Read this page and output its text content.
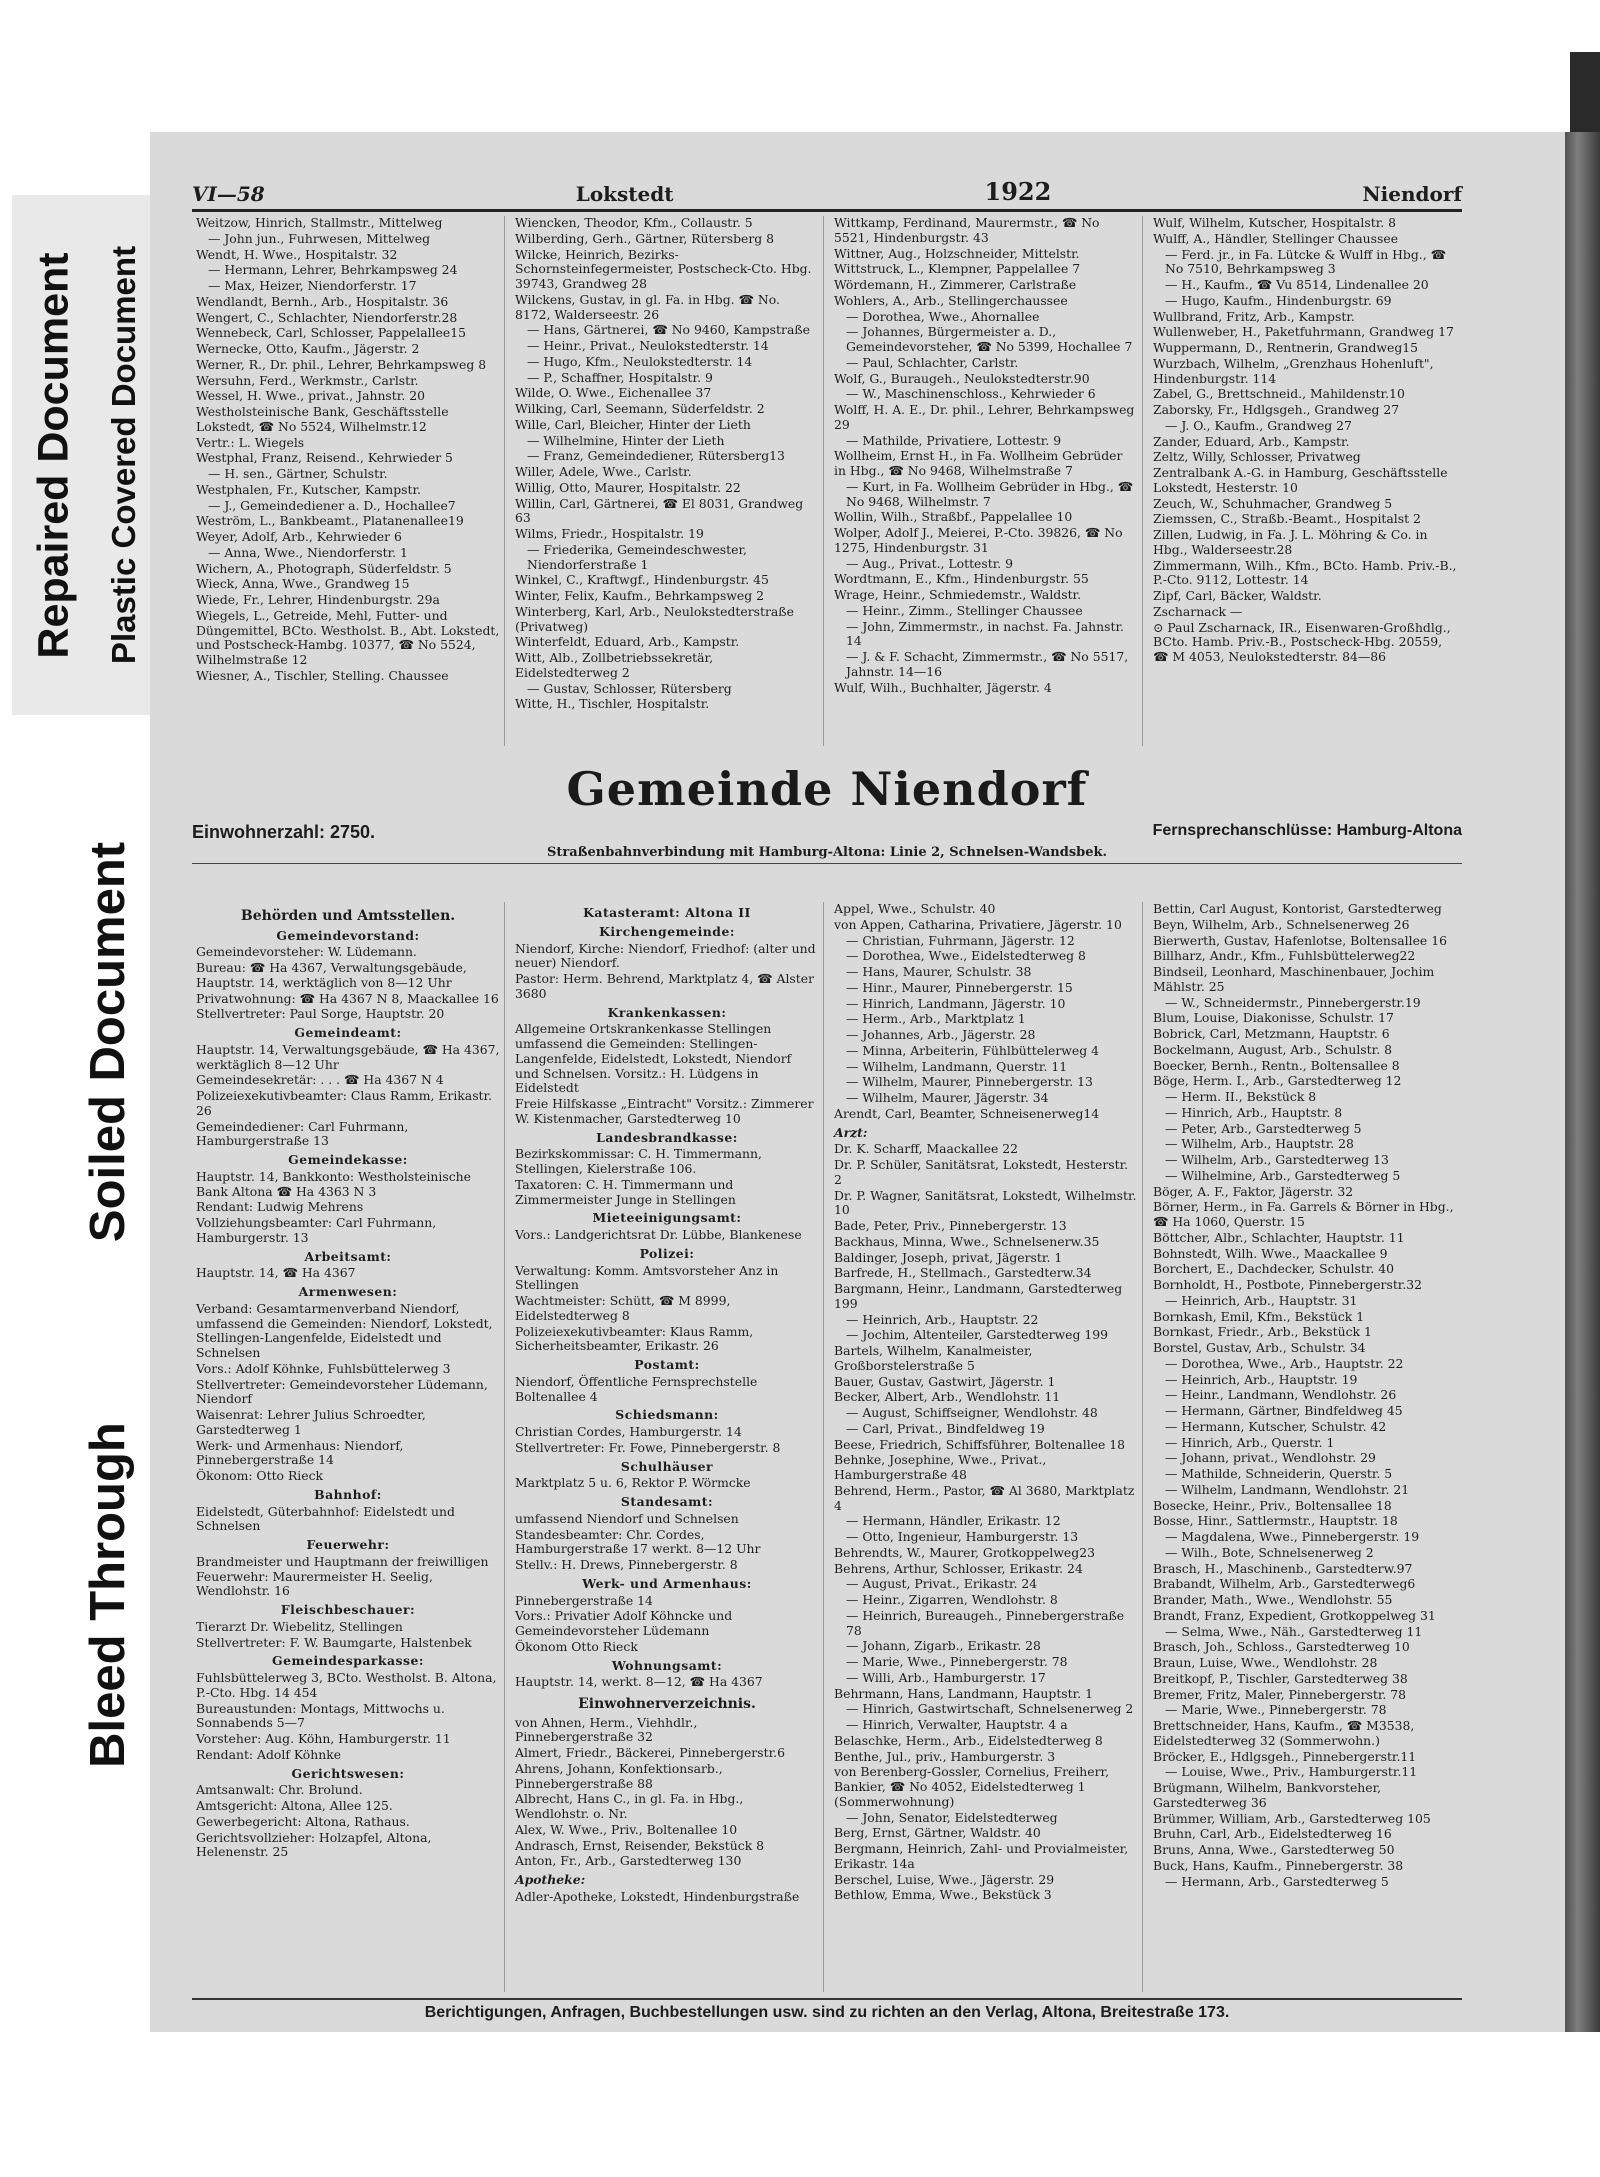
Repaired Document Plastic Covered Document
Soiled Document
Bleed Through
VI—58	Lokstedt	1922	Niendorf

Weitzow, Hinrich, Stallmstr., Mittelweg

— John jun., Fuhrwesen, Mittelweg

Wendt, H. Wwe., Hospitalstr. 32

— Hermann, Lehrer, Behrkampsweg 24

— Max, Heizer, Niendorferstr. 17

Wendlandt, Bernh., Arb., Hospitalstr. 36

Wengert, C., Schlachter, Niendorferstr.28

Wennebeck, Carl, Schlosser, Pappelallee15

Wernecke, Otto, Kaufm., Jägerstr. 2

Werner, R., Dr. phil., Lehrer, Behrkampsweg 8

Wersuhn, Ferd., Werkmstr., Carlstr.

Wessel, H. Wwe., privat., Jahnstr. 20

Westholsteinische Bank, Geschäftsstelle Lokstedt, ☎ No 5524, Wilhelmstr.12

Vertr.: L. Wiegels

Westphal, Franz, Reisend., Kehrwieder 5

— H. sen., Gärtner, Schulstr.

Westphalen, Fr., Kutscher, Kampstr.

— J., Gemeindediener a. D., Hochallee7

Weström, L., Bankbeamt., Platanenallee19

Weyer, Adolf, Arb., Kehrwieder 6

— Anna, Wwe., Niendorferstr. 1

Wichern, A., Photograph, Süderfeldstr. 5

Wieck, Anna, Wwe., Grandweg 15

Wiede, Fr., Lehrer, Hindenburgstr. 29a

Wiegels, L., Getreide, Mehl, Futter- und Düngemittel, BCto. Westholst. B., Abt. Lokstedt, und Postscheck-Hambg. 10377, ☎ No 5524, Wilhelmstraße 12

Wiesner, A., Tischler, Stelling. Chaussee

Wiencken, Theodor, Kfm., Collaustr. 5

Wilberding, Gerh., Gärtner, Rütersberg 8

Wilcke, Heinrich, Bezirks-Schornsteinfegermeister, Postscheck-Cto. Hbg. 39743, Grandweg 28

Wilckens, Gustav, in gl. Fa. in Hbg. ☎ No. 8172, Walderseestr. 26

— Hans, Gärtnerei, ☎ No 9460, Kampstraße

— Heinr., Privat., Neulokstedterstr. 14

— Hugo, Kfm., Neulokstedterstr. 14

— P., Schaffner, Hospitalstr. 9

Wilde, O. Wwe., Eichenallee 37

Wilking, Carl, Seemann, Süderfeldstr. 2

Wille, Carl, Bleicher, Hinter der Lieth

— Wilhelmine, Hinter der Lieth

— Franz, Gemeindediener, Rütersberg13

Willer, Adele, Wwe., Carlstr.

Willig, Otto, Maurer, Hospitalstr. 22

Willin, Carl, Gärtnerei, ☎ El 8031, Grandweg 63

Wilms, Friedr., Hospitalstr. 19

— Friederika, Gemeindeschwester, Niendorferstraße 1

Winkel, C., Kraftwgf., Hindenburgstr. 45

Winter, Felix, Kaufm., Behrkampsweg 2

Winterberg, Karl, Arb., Neulokstedterstraße (Privatweg)

Winterfeldt, Eduard, Arb., Kampstr.

Witt, Alb., Zollbetriebssekretär, Eidelstedterweg 2

— Gustav, Schlosser, Rütersberg

Witte, H., Tischler, Hospitalstr.

Wittkamp, Ferdinand, Maurermstr., ☎ No 5521, Hindenburgstr. 43

Wittner, Aug., Holzschneider, Mittelstr.

Wittstruck, L., Klempner, Pappelallee 7

Wördemann, H., Zimmerer, Carlstraße

Wohlers, A., Arb., Stellingerchaussee

— Dorothea, Wwe., Ahornallee

— Johannes, Bürgermeister a. D., Gemeindevorsteher, ☎ No 5399, Hochallee 7

— Paul, Schlachter, Carlstr.

Wolf, G., Buraugeh., Neulokstedterstr.90

— W., Maschinenschloss., Kehrwieder 6

Wolff, H. A. E., Dr. phil., Lehrer, Behrkampsweg 29

— Mathilde, Privatiere, Lottestr. 9

Wollheim, Ernst H., in Fa. Wollheim Gebrüder in Hbg., ☎ No 9468, Wilhelmstraße 7

— Kurt, in Fa. Wollheim Gebrüder in Hbg., ☎ No 9468, Wilhelmstr. 7

Wollin, Wilh., Straßbf., Pappelallee 10

Wolper, Adolf J., Meierei, P.-Cto. 39826, ☎ No 1275, Hindenburgstr. 31

— Aug., Privat., Lottestr. 9

Wordtmann, E., Kfm., Hindenburgstr. 55

Wrage, Heinr., Schmiedemstr., Waldstr.

— Heinr., Zimm., Stellinger Chaussee

— John, Zimmermstr., in nachst. Fa. Jahnstr. 14

— J. & F. Schacht, Zimmermstr., ☎ No 5517, Jahnstr. 14—16

Wulf, Wilh., Buchhalter, Jägerstr. 4

Wulf, Wilhelm, Kutscher, Hospitalstr. 8

Wulff, A., Händler, Stellinger Chaussee

— Ferd. jr., in Fa. Lütcke & Wulff in Hbg., ☎ No 7510, Behrkampsweg 3

— H., Kaufm., ☎ Vu 8514, Lindenallee 20

— Hugo, Kaufm., Hindenburgstr. 69

Wullbrand, Fritz, Arb., Kampstr.

Wullenweber, H., Paketfuhrmann, Grandweg 17

Wuppermann, D., Rentnerin, Grandweg15

Wurzbach, Wilhelm, „Grenzhaus Hohenluft", Hindenburgstr. 114

Zabel, G., Brettschneid., Mahildenstr.10

Zaborsky, Fr., Hdlgsgeh., Grandweg 27

— J. O., Kaufm., Grandweg 27

Zander, Eduard, Arb., Kampstr.

Zeltz, Willy, Schlosser, Privatweg

Zentralbank A.-G. in Hamburg, Geschäftsstelle Lokstedt, Hesterstr. 10

Zeuch, W., Schuhmacher, Grandweg 5

Ziemssen, C., Straßb.-Beamt., Hospitalst 2

Zillen, Ludwig, in Fa. J. L. Möhring & Co. in Hbg., Walderseestr.28

Zimmermann, Wilh., Kfm., BCto. Hamb. Priv.-B., P.-Cto. 9112, Lottestr. 14

Zipf, Carl, Bäcker, Waldstr.

Zscharnack —

⊙ Paul Zscharnack, IR., Eisenwaren-Großhdlg., BCto. Hamb. Priv.-B., Postscheck-Hbg. 20559, ☎ M 4053, Neulokstedterstr. 84—86

Gemeinde Niendorf
Einwohnerzahl: 2750.	Fernsprechanschlüsse: Hamburg-Altona
Straßenbahnverbindung mit Hamburg-Altona: Linie 2, Schnelsen-Wandsbek.

Behörden und Amtsstellen.

Gemeindevorstand:

Gemeindevorsteher: W. Lüdemann.

Bureau: ☎ Ha 4367, Verwaltungsgebäude, Hauptstr. 14, werktäglich von 8—12 Uhr

Privatwohnung: ☎ Ha 4367 N 8, Maackallee 16

Stellvertreter: Paul Sorge, Hauptstr. 20

Gemeindeamt:

Hauptstr. 14, Verwaltungsgebäude, ☎ Ha 4367, werktäglich 8—12 Uhr

Gemeindesekretär: . . . ☎ Ha 4367 N 4

Polizeiexekutivbeamter: Claus Ramm, Erikastr. 26

Gemeindediener: Carl Fuhrmann, Hamburgerstraße 13

Gemeindekasse:

Hauptstr. 14, Bankkonto: Westholsteinische Bank Altona ☎ Ha 4363 N 3

Rendant: Ludwig Mehrens

Vollziehungsbeamter: Carl Fuhrmann, Hamburgerstr. 13

Arbeitsamt:

Hauptstr. 14, ☎ Ha 4367

Armenwesen:

Verband: Gesamtarmenverband Niendorf, umfassend die Gemeinden: Niendorf, Lokstedt, Stellingen-Langenfelde, Eidelstedt und Schnelsen

Vors.: Adolf Köhnke, Fuhlsbüttelerweg 3

Stellvertreter: Gemeindevorsteher Lüdemann, Niendorf

Waisenrat: Lehrer Julius Schroedter, Garstedterweg 1

Werk- und Armenhaus: Niendorf, Pinnebergerstraße 14

Ökonom: Otto Rieck

Bahnhof:

Eidelstedt, Güterbahnhof: Eidelstedt und Schnelsen

Feuerwehr:

Brandmeister und Hauptmann der freiwilligen Feuerwehr: Maurermeister H. Seelig, Wendlohstr. 16

Fleischbeschauer:

Tierarzt Dr. Wiebelitz, Stellingen

Stellvertreter: F. W. Baumgarte, Halstenbek

Gemeindesparkasse:

Fuhlsbüttelerweg 3, BCto. Westholst. B. Altona, P.-Cto. Hbg. 14 454

Bureaustunden: Montags, Mittwochs u. Sonnabends 5—7

Vorsteher: Aug. Köhn, Hamburgerstr. 11

Rendant: Adolf Köhnke

Gerichtswesen:

Amtsanwalt: Chr. Brolund.

Amtsgericht: Altona, Allee 125.

Gewerbegericht: Altona, Rathaus.

Gerichtsvollzieher: Holzapfel, Altona, Helenenstr. 25

Katasteramt: Altona II

Kirchengemeinde:

Niendorf, Kirche: Niendorf, Friedhof: (alter und neuer) Niendorf.

Pastor: Herm. Behrend, Marktplatz 4, ☎ Alster 3680

Krankenkassen:

Allgemeine Ortskrankenkasse Stellingen umfassend die Gemeinden: Stellingen-Langenfelde, Eidelstedt, Lokstedt, Niendorf und Schnelsen. Vorsitz.: H. Lüdgens in Eidelstedt

Freie Hilfskasse „Eintracht" Vorsitz.: Zimmerer W. Kistenmacher, Garstedterweg 10

Landesbrandkasse:

Bezirkskommissar: C. H. Timmermann, Stellingen, Kielerstraße 106.

Taxatoren: C. H. Timmermann und Zimmermeister Junge in Stellingen

Mieteeinigungsamt:

Vors.: Landgerichtsrat Dr. Lübbe, Blankenese

Polizei:

Verwaltung: Komm. Amtsvorsteher Anz in Stellingen

Wachtmeister: Schütt, ☎ M 8999, Eidelstedterweg 8

Polizeiexekutivbeamter: Klaus Ramm, Sicherheitsbeamter, Erikastr. 26

Postamt:

Niendorf, Öffentliche Fernsprechstelle Boltenallee 4

Schiedsmann:

Christian Cordes, Hamburgerstr. 14

Stellvertreter: Fr. Fowe, Pinnebergerstr. 8

Schulhäuser

Marktplatz 5 u. 6, Rektor P. Wörmcke

Standesamt:

umfassend Niendorf und Schnelsen

Standesbeamter: Chr. Cordes, Hamburgerstraße 17 werkt. 8—12 Uhr

Stellv.: H. Drews, Pinnebergerstr. 8

Werk- und Armenhaus:

Pinnebergerstraße 14

Vors.: Privatier Adolf Köhncke und Gemeindevorsteher Lüdemann

Ökonom Otto Rieck

Wohnungsamt:

Hauptstr. 14, werkt. 8—12, ☎ Ha 4367

Einwohnerverzeichnis.

von Ahnen, Herm., Viehhdlr., Pinnebergerstraße 32

Almert, Friedr., Bäckerei, Pinnebergerstr.6

Ahrens, Johann, Konfektionsarb., Pinnebergerstraße 88

Albrecht, Hans C., in gl. Fa. in Hbg., Wendlohstr. o. Nr.

Alex, W. Wwe., Priv., Boltenallee 10

Andrasch, Ernst, Reisender, Bekstück 8

Anton, Fr., Arb., Garstedterweg 130

Apotheke:

Adler-Apotheke, Lokstedt, Hindenburgstraße

Appel, Wwe., Schulstr. 40

von Appen, Catharina, Privatiere, Jägerstr. 10

— Christian, Fuhrmann, Jägerstr. 12

— Dorothea, Wwe., Eidelstedterweg 8

— Hans, Maurer, Schulstr. 38

— Hinr., Maurer, Pinnebergerstr. 15

— Hinrich, Landmann, Jägerstr. 10

— Herm., Arb., Marktplatz 1

— Johannes, Arb., Jägerstr. 28

— Minna, Arbeiterin, Fühlbüttelerweg 4

— Wilhelm, Landmann, Querstr. 11

— Wilhelm, Maurer, Pinnebergerstr. 13

— Wilhelm, Maurer, Jägerstr. 34

Arendt, Carl, Beamter, Schneisenerweg14

Arzt:

Dr. K. Scharff, Maackallee 22

Dr. P. Schüler, Sanitätsrat, Lokstedt, Hesterstr. 2

Dr. P. Wagner, Sanitätsrat, Lokstedt, Wilhelmstr. 10

Bade, Peter, Priv., Pinnebergerstr. 13

Backhaus, Minna, Wwe., Schnelsenerw.35

Baldinger, Joseph, privat, Jägerstr. 1

Barfrede, H., Stellmach., Garstedterw.34

Bargmann, Heinr., Landmann, Garstedterweg 199

— Heinrich, Arb., Hauptstr. 22

— Jochim, Altenteiler, Garstedterweg 199

Bartels, Wilhelm, Kanalmeister, Großborstelerstraße 5

Bauer, Gustav, Gastwirt, Jägerstr. 1

Becker, Albert, Arb., Wendlohstr. 11

— August, Schiffseigner, Wendlohstr. 48

— Carl, Privat., Bindfeldweg 19

Beese, Friedrich, Schiffsführer, Boltenallee 18

Behnke, Josephine, Wwe., Privat., Hamburgerstraße 48

Behrend, Herm., Pastor, ☎ Al 3680, Marktplatz 4

— Hermann, Händler, Erikastr. 12

— Otto, Ingenieur, Hamburgerstr. 13

Behrendts, W., Maurer, Grotkoppelweg23

Behrens, Arthur, Schlosser, Erikastr. 24

— August, Privat., Erikastr. 24

— Heinr., Zigarren, Wendlohstr. 8

— Heinrich, Bureaugeh., Pinnebergerstraße 78

— Johann, Zigarb., Erikastr. 28

— Marie, Wwe., Pinnebergerstr. 78

— Willi, Arb., Hamburgerstr. 17

Behrmann, Hans, Landmann, Hauptstr. 1

— Hinrich, Gastwirtschaft, Schnelsenerweg 2

— Hinrich, Verwalter, Hauptstr. 4 a

Belaschke, Herm., Arb., Eidelstedterweg 8

Benthe, Jul., priv., Hamburgerstr. 3

von Berenberg-Gossler, Cornelius, Freiherr, Bankier, ☎ No 4052, Eidelstedterweg 1 (Sommerwohnung)

— John, Senator, Eidelstedterweg

Berg, Ernst, Gärtner, Waldstr. 40

Bergmann, Heinrich, Zahl- und Provialmeister, Erikastr. 14a

Berschel, Luise, Wwe., Jägerstr. 29

Bethlow, Emma, Wwe., Bekstück 3

Bettin, Carl August, Kontorist, Garstedterweg

Beyn, Wilhelm, Arb., Schnelsenerweg 26

Bierwerth, Gustav, Hafenlotse, Boltensallee 16

Billharz, Andr., Kfm., Fuhlsbüttelerweg22

Bindseil, Leonhard, Maschinenbauer, Jochim Mählstr. 25

— W., Schneidermstr., Pinnebergerstr.19

Blum, Louise, Diakonisse, Schulstr. 17

Bobrick, Carl, Metzmann, Hauptstr. 6

Bockelmann, August, Arb., Schulstr. 8

Boecker, Bernh., Rentn., Boltensallee 8

Böge, Herm. I., Arb., Garstedterweg 12

— Herm. II., Bekstück 8

— Hinrich, Arb., Hauptstr. 8

— Peter, Arb., Garstedterweg 5

— Wilhelm, Arb., Hauptstr. 28

— Wilhelm, Arb., Garstedterweg 13

— Wilhelmine, Arb., Garstedterweg 5

Böger, A. F., Faktor, Jägerstr. 32

Börner, Herm., in Fa. Garrels & Börner in Hbg., ☎ Ha 1060, Querstr. 15

Böttcher, Albr., Schlachter, Hauptstr. 11

Bohnstedt, Wilh. Wwe., Maackallee 9

Borchert, E., Dachdecker, Schulstr. 40

Bornholdt, H., Postbote, Pinnebergerstr.32

— Heinrich, Arb., Hauptstr. 31

Bornkash, Emil, Kfm., Bekstück 1

Bornkast, Friedr., Arb., Bekstück 1

Borstel, Gustav, Arb., Schulstr. 34

— Dorothea, Wwe., Arb., Hauptstr. 22

— Heinrich, Arb., Hauptstr. 19

— Heinr., Landmann, Wendlohstr. 26

— Hermann, Gärtner, Bindfeldweg 45

— Hermann, Kutscher, Schulstr. 42

— Hinrich, Arb., Querstr. 1

— Johann, privat., Wendlohstr. 29

— Mathilde, Schneiderin, Querstr. 5

— Wilhelm, Landmann, Wendlohstr. 21

Bosecke, Heinr., Priv., Boltensallee 18

Bosse, Hinr., Sattlermstr., Hauptstr. 18

— Magdalena, Wwe., Pinnebergerstr. 19

— Wilh., Bote, Schnelsenerweg 2

Brasch, H., Maschinenb., Garstedterw.97

Brabandt, Wilhelm, Arb., Garstedterweg6

Brander, Math., Wwe., Wendlohstr. 55

Brandt, Franz, Expedient, Grotkoppelweg 31

— Selma, Wwe., Näh., Garstedterweg 11

Brasch, Joh., Schloss., Garstedterweg 10

Braun, Luise, Wwe., Wendlohstr. 28

Breitkopf, P., Tischler, Garstedterweg 38

Bremer, Fritz, Maler, Pinnebergerstr. 78

— Marie, Wwe., Pinnebergerstr. 78

Brettschneider, Hans, Kaufm., ☎ M3538, Eidelstedterweg 32 (Sommerwohn.)

Bröcker, E., Hdlgsgeh., Pinnebergerstr.11

— Louise, Wwe., Priv., Hamburgerstr.11

Brügmann, Wilhelm, Bankvorsteher, Garstedterweg 36

Brümmer, William, Arb., Garstedterweg 105

Bruhn, Carl, Arb., Eidelstedterweg 16

Bruns, Anna, Wwe., Garstedterweg 50

Buck, Hans, Kaufm., Pinnebergerstr. 38

— Hermann, Arb., Garstedterweg 5

Berichtigungen, Anfragen, Buchbestellungen usw. sind zu richten an den Verlag, Altona, Breitestraße 173.
